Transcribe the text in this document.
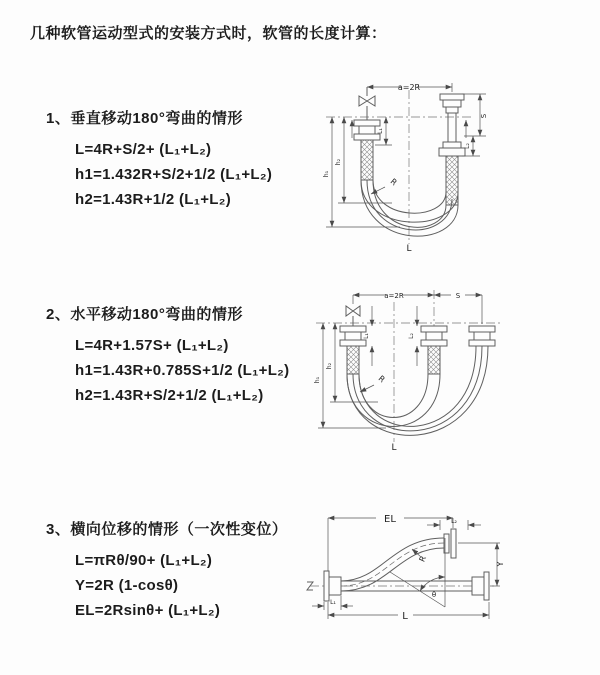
几种软管运动型式的安装方式时，软管的长度计算：
1、垂直移动180°弯曲的情形
L=4R+S/2+ (L₁+L₂)
h1=1.432R+S/2+1/2 (L₁+L₂)
h2=1.43R+1/2 (L₁+L₂)
2、水平移动180°弯曲的情形
L=4R+1.57S+ (L₁+L₂)
h1=1.43R+0.785S+1/2 (L₁+L₂)
h2=1.43R+S/2+1/2 (L₁+L₂)
3、横向位移的情形（一次性变位）
L=πRθ/90+ (L₁+L₂)
Y=2R (1-cosθ)
EL=2Rsinθ+ (L₁+L₂)
a=2R
L₁
S
L₂
R
h₁
h₂
L
a=2R	S
L₁	L₂
R
h₁
h₂
L
EL	L₂
θ
R
Y
L₁
L
